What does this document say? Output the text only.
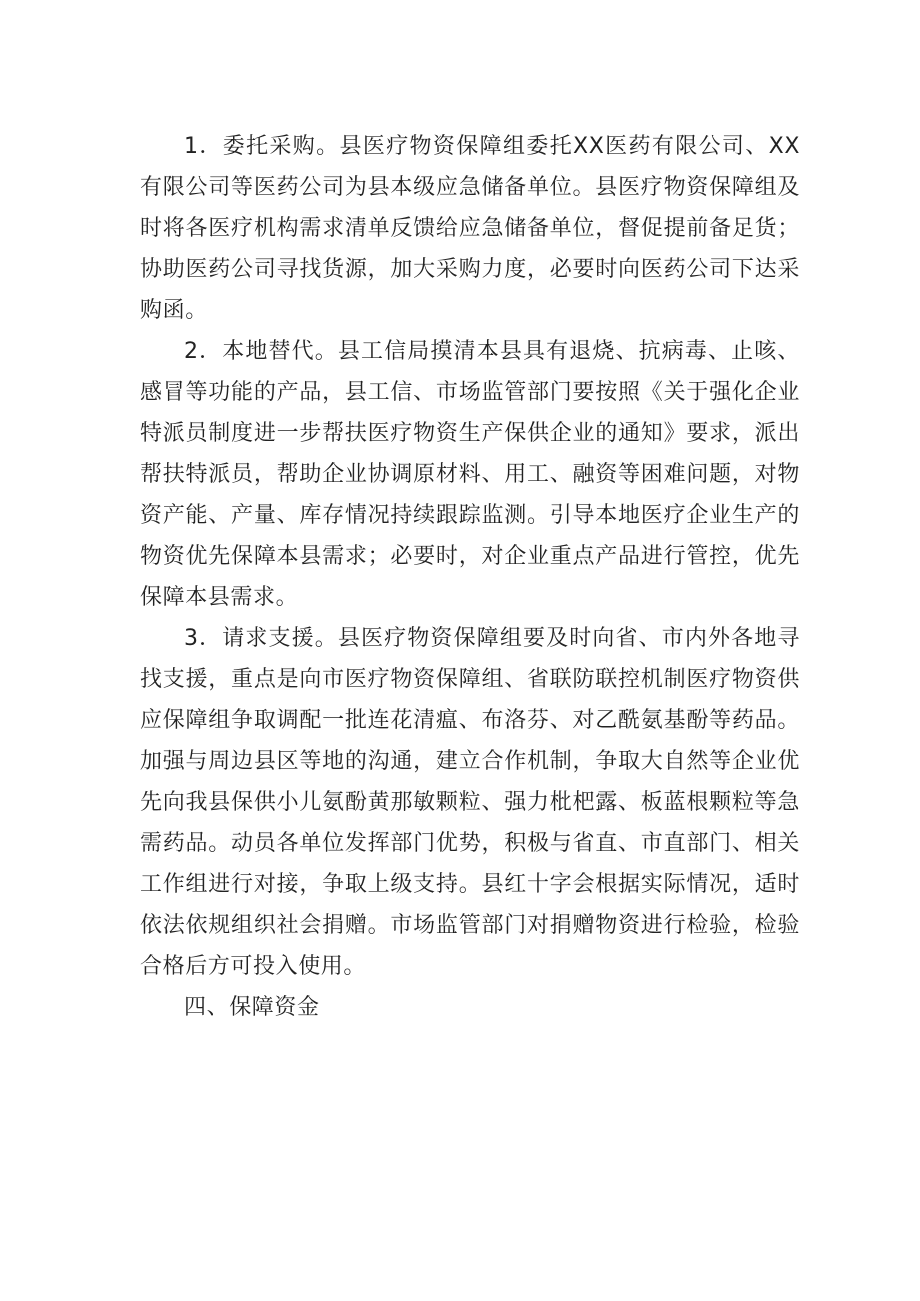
1．委托采购。县医疗物资保障组委托XX医药有限公司、XX有限公司等医药公司为县本级应急储备单位。县医疗物资保障组及时将各医疗机构需求清单反馈给应急储备单位，督促提前备足货；协助医药公司寻找货源，加大采购力度，必要时向医药公司下达采购函。

2．本地替代。县工信局摸清本县具有退烧、抗病毒、止咳、感冒等功能的产品，县工信、市场监管部门要按照《关于强化企业特派员制度进一步帮扶医疗物资生产保供企业的通知》要求，派出帮扶特派员，帮助企业协调原材料、用工、融资等困难问题，对物资产能、产量、库存情况持续跟踪监测。引导本地医疗企业生产的物资优先保障本县需求；必要时，对企业重点产品进行管控，优先保障本县需求。

3．请求支援。县医疗物资保障组要及时向省、市内外各地寻找支援，重点是向市医疗物资保障组、省联防联控机制医疗物资供应保障组争取调配一批连花清瘟、布洛芬、对乙酰氨基酚等药品。加强与周边县区等地的沟通，建立合作机制，争取大自然等企业优先向我县保供小儿氨酚黄那敏颗粒、强力枇杷露、板蓝根颗粒等急需药品。动员各单位发挥部门优势，积极与省直、市直部门、相关工作组进行对接，争取上级支持。县红十字会根据实际情况，适时依法依规组织社会捐赠。市场监管部门对捐赠物资进行检验，检验合格后方可投入使用。

四、保障资金
